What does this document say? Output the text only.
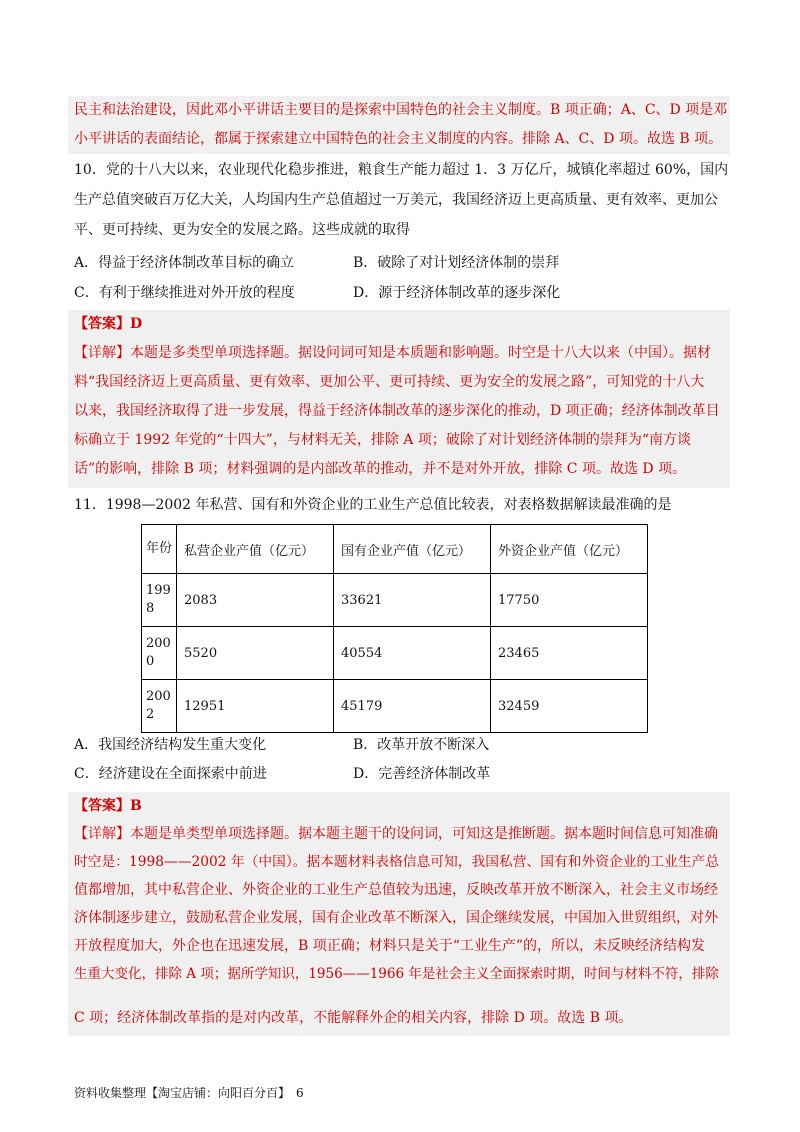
民主和法治建设，因此邓小平讲话主要目的是探索中国特色的社会主义制度。B 项正确；A、C、D 项是邓
小平讲话的表面结论，都属于探索建立中国特色的社会主义制度的内容。排除 A、C、D 项。故选 B 项。
10．党的十八大以来，农业现代化稳步推进，粮食生产能力超过 1．3 万亿斤，城镇化率超过 60%，国内
生产总值突破百万亿大关，人均国内生产总值超过一万美元，我国经济迈上更高质量、更有效率、更加公
平、更可持续、更为安全的发展之路。这些成就的取得
A．得益于经济体制改革目标的确立	B．破除了对计划经济体制的崇拜
C．有利于继续推进对外开放的程度	D．源于经济体制改革的逐步深化
【答案】D
【详解】本题是多类型单项选择题。据设问词可知是本质题和影响题。时空是十八大以来（中国）。据材
料“我国经济迈上更高质量、更有效率、更加公平、更可持续、更为安全的发展之路”，可知党的十八大
以来，我国经济取得了进一步发展，得益于经济体制改革的逐步深化的推动，D 项正确；经济体制改革目
标确立于 1992 年党的“十四大”，与材料无关，排除 A 项；破除了对计划经济体制的崇拜为“南方谈
话”的影响，排除 B 项；材料强调的是内部改革的推动，并不是对外开放，排除 C 项。故选 D 项。
11．1998—2002 年私营、国有和外资企业的工业生产总值比较表，对表格数据解读最准确的是
年份	私营企业产值（亿元）	国有企业产值（亿元）	外资企业产值（亿元）
1998	2083	33621	17750
2000	5520	40554	23465
2002	12951	45179	32459
A．我国经济结构发生重大变化	B．改革开放不断深入
C．经济建设在全面探索中前进	D．完善经济体制改革
【答案】B
【详解】本题是单类型单项选择题。据本题主题干的设问词，可知这是推断题。据本题时间信息可知准确
时空是：1998——2002 年（中国）。据本题材料表格信息可知，我国私营、国有和外资企业的工业生产总
值都增加，其中私营企业、外资企业的工业生产总值较为迅速，反映改革开放不断深入，社会主义市场经
济体制逐步建立，鼓励私营企业发展，国有企业改革不断深入，国企继续发展，中国加入世贸组织，对外
开放程度加大，外企也在迅速发展，B 项正确；材料只是关于“工业生产”的，所以，未反映经济结构发
生重大变化，排除 A 项；据所学知识，1956——1966 年是社会主义全面探索时期，时间与材料不符，排除
C 项；经济体制改革指的是对内改革，不能解释外企的相关内容，排除 D 项。故选 B 项。
资料收集整理【淘宝店铺：向阳百分百】　6
